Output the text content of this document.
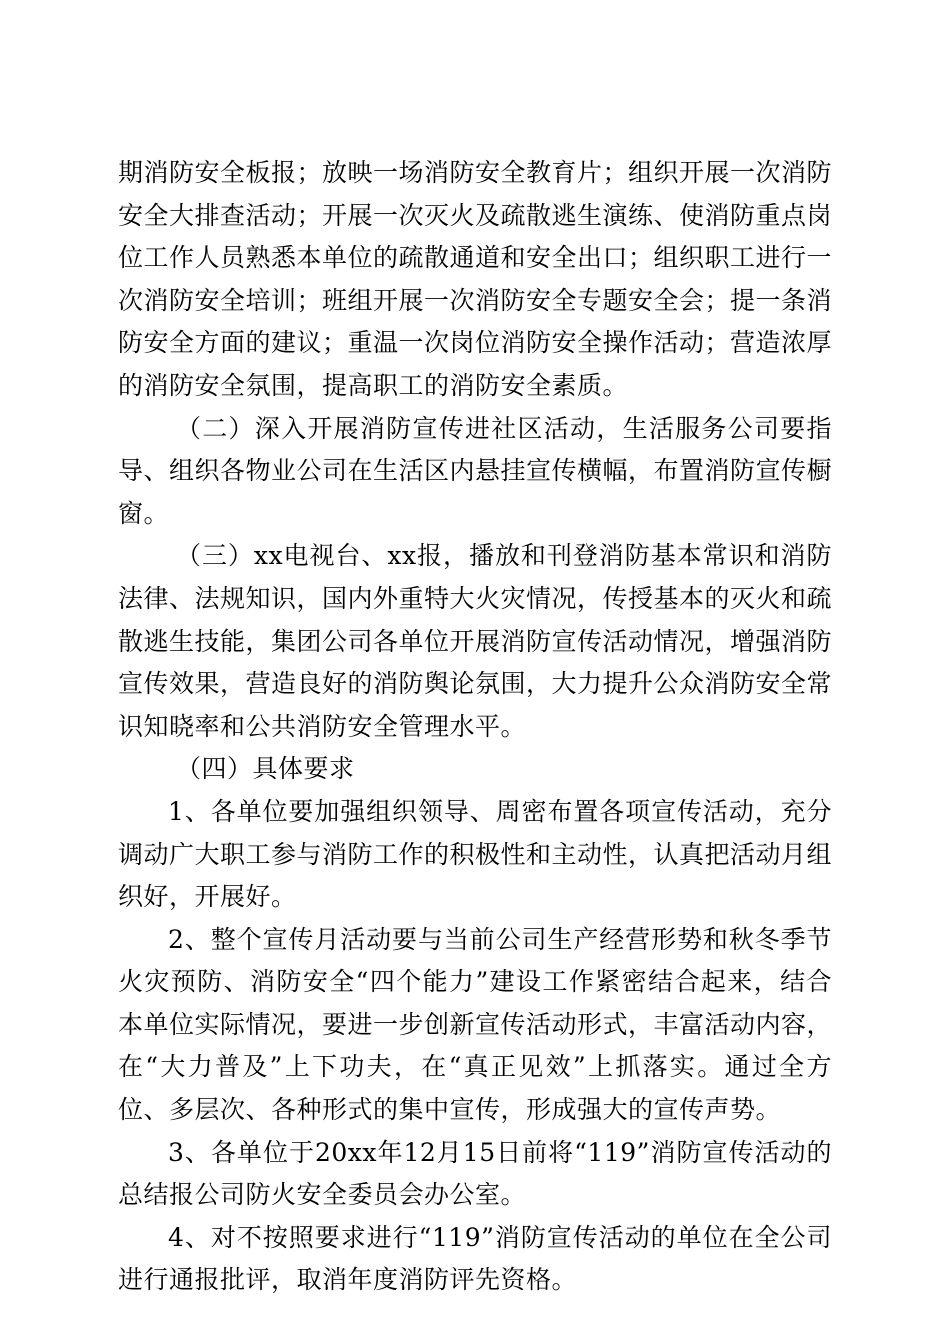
期消防安全板报；放映一场消防安全教育片；组织开展一次消防安全大排查活动；开展一次灭火及疏散逃生演练、使消防重点岗位工作人员熟悉本单位的疏散通道和安全出口；组织职工进行一次消防安全培训；班组开展一次消防安全专题安全会；提一条消防安全方面的建议；重温一次岗位消防安全操作活动；营造浓厚的消防安全氛围，提高职工的消防安全素质。

（二）深入开展消防宣传进社区活动，生活服务公司要指导、组织各物业公司在生活区内悬挂宣传横幅，布置消防宣传橱窗。

（三）xx电视台、xx报，播放和刊登消防基本常识和消防法律、法规知识，国内外重特大火灾情况，传授基本的灭火和疏散逃生技能，集团公司各单位开展消防宣传活动情况，增强消防宣传效果，营造良好的消防舆论氛围，大力提升公众消防安全常识知晓率和公共消防安全管理水平。

（四）具体要求

1、各单位要加强组织领导、周密布置各项宣传活动，充分调动广大职工参与消防工作的积极性和主动性，认真把活动月组织好，开展好。

2、整个宣传月活动要与当前公司生产经营形势和秋冬季节火灾预防、消防安全“四个能力”建设工作紧密结合起来，结合本单位实际情况，要进一步创新宣传活动形式，丰富活动内容，在“大力普及”上下功夫，在“真正见效”上抓落实。通过全方位、多层次、各种形式的集中宣传，形成强大的宣传声势。

3、各单位于20xx年12月15日前将“119”消防宣传活动的总结报公司防火安全委员会办公室。

4、对不按照要求进行“119”消防宣传活动的单位在全公司进行通报批评，取消年度消防评先资格。
